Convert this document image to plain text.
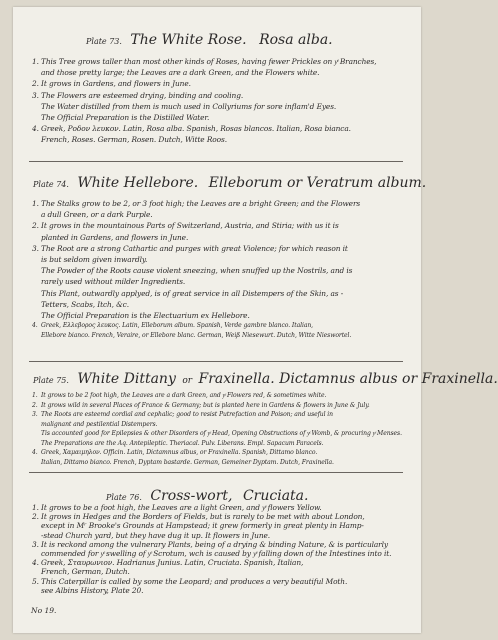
Plate 73. The White Rose. Rosa alba.
1. This Tree grows taller than most other kinds of Roses, having fewer Prickles on yͤ Branches,
and those pretty large; the Leaves are a dark Green, and the Flowers white.
2. It grows in Gardens, and flowers in June.
3. The Flowers are esteemed drying, binding and cooling.
The Water distilled from them is much used in Collyriums for sore inflam'd Eyes.
The Official Preparation is the Distilled Water.
4. Greek, Ροδον λευκον. Latin, Rosa alba. Spanish, Rosas blancos. Italian, Rosa bianca.
French, Roses. German, Rosen. Dutch, Witte Roos.
Plate 74. White Hellebore. Elleborum or Veratrum album.
1. The Stalks grow to be 2, or 3 foot high; the Leaves are a bright Green; and the Flowers
a dull Green, or a dark Purple.
2. It grows in the mountainous Parts of Switzerland, Austria, and Stiria; with us it is
planted in Gardens, and flowers in June.
3. The Root are a strong Cathartic and purges with great Violence; for which reason it
is but seldom given inwardly.
The Powder of the Roots cause violent sneezing, when snuffed up the Nostrils, and is
rarely used without milder Ingredients.
This Plant, outwardly applyed, is of great service in all Distempers of the Skin, as -
Tetters, Scabs, Itch, &c.
The Official Preparation is the Electuarium ex Hellebore.
4. Greek, Ελλεβορος λευκος. Latin, Elleborum album. Spanish, Verde gambre blanco. Italian,
Ellebore bianco. French, Veraire, or Ellebore blanc. German, Weiß Niesewurt. Dutch, Witte Nieswortel.
Plate 75. White Dittany or Fraxinella. Dictamnus albus or Fraxinella.
1. It grows to be 2 foot high, the Leaves are a dark Green, and yͤ Flowers red, & sometimes white.
2. It grows wild in several Places of France & Germany; but is planted here in Gardens & flowers in June & July.
3. The Roots are esteemd cordial and cephalic; good to resist Putrefaction and Poison; and useful in
malignant and pestilential Distempers.
Tis accounted good for Epilepsies & other Disorders of yͤ Head, Opening Obstructions of yͤ Womb, & procuring yͤ Menses.
The Preparations are the Aq. Antepileptic. Theriacal. Pulv. Liberans. Empl. Sapacum Paracels.
4. Greek, Χαμαιμηλον. Officin. Latin, Dictamnus albus, or Fraxinella. Spanish, Dittamo blanco.
Italian, Dittamo bianco. French, Dyptam bastarde. German, Gemeiner Dyptam. Dutch, Fraxinella.
Plate 76. Cross-wort, Cruciata.
1. It grows to be a foot high, the Leaves are a light Green, and yͤ flowers Yellow.
2. It grows in Hedges and the Borders of Fields, but is rarely to be met with about London,
except in Mʳ Brooke's Grounds at Hampstead; it grew formerly in great plenty in Hamp-
-stead Church yard, but they have dug it up. It flowers in June.
3. It is reckond among the vulnerary Plants, being of a drying & binding Nature, & is particularly
commended for yͤ swelling of yͤ Scrotum, wch is caused by yͤ falling down of the Intestines into it.
4. Greek, Σταυρωνιον. Hadrianus Junius. Latin, Cruciata. Spanish, Italian,
French, German, Dutch.
5. This Caterpillar is called by some the Leopard; and produces a very beautiful Moth.
see Albins History, Plate 20.
No 19.
